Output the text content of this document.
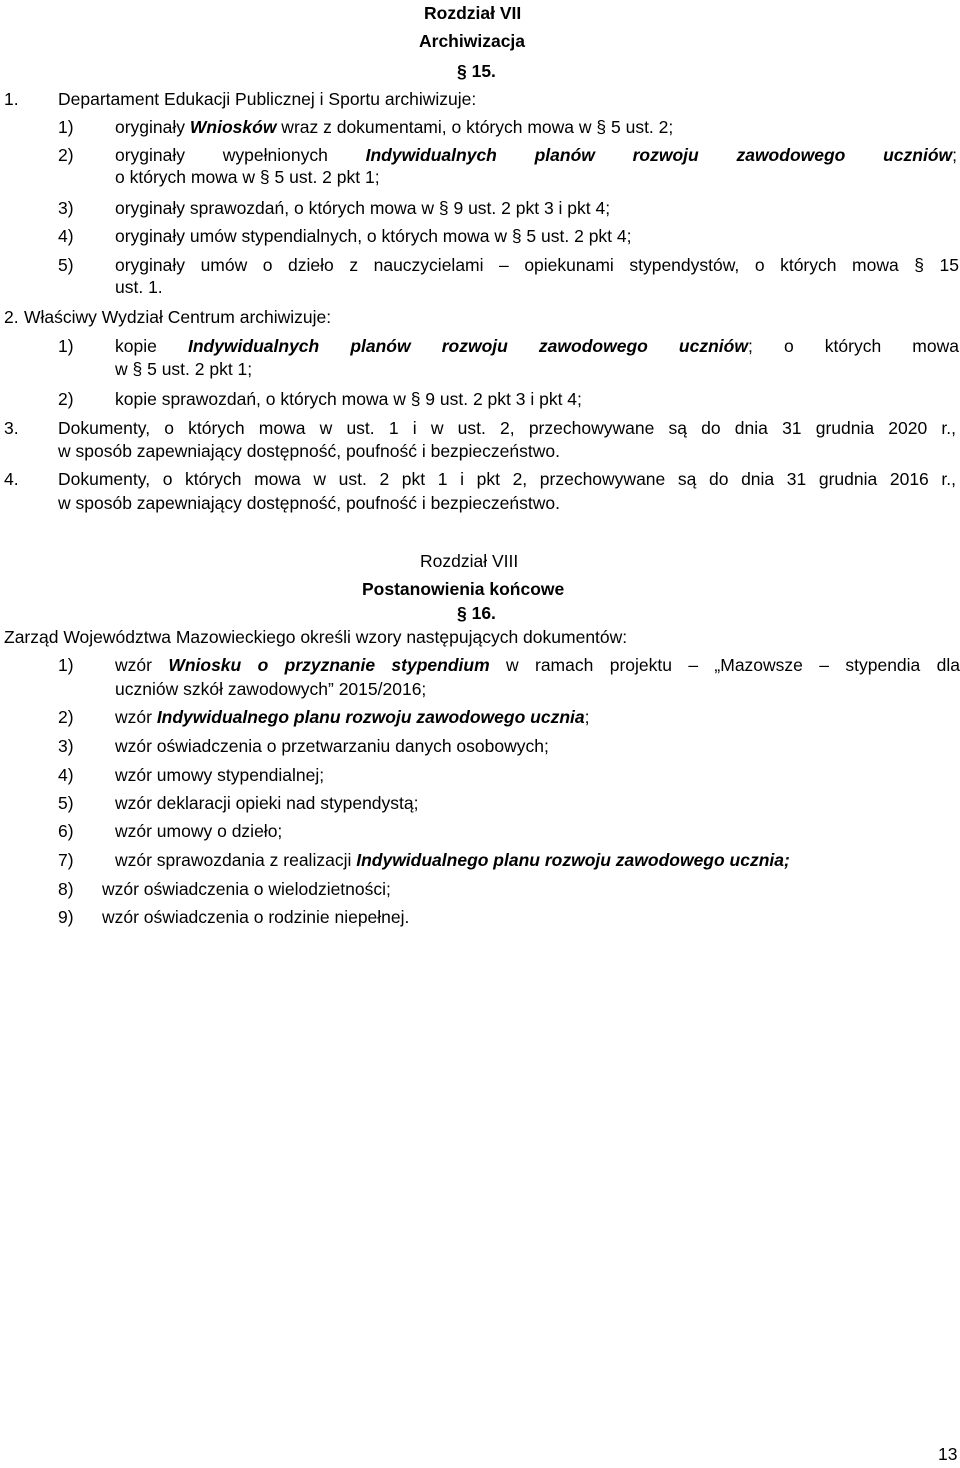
Rozdział VII
Archiwizacja
§ 15.
1. Departament Edukacji Publicznej i Sportu archiwizuje:
1) oryginały Wniosków wraz z dokumentami, o których mowa w § 5 ust. 2;
2) oryginały wypełnionych Indywidualnych planów rozwoju zawodowego uczniów;
o których mowa w § 5 ust. 2 pkt 1;
3) oryginały sprawozdań, o których mowa w § 9 ust. 2 pkt 3 i pkt 4;
4) oryginały umów stypendialnych, o których mowa w § 5 ust. 2 pkt 4;
5) oryginały umów o dzieło z nauczycielami – opiekunami stypendystów, o których mowa § 15
ust. 1.
2. Właściwy Wydział Centrum archiwizuje:
1) kopie Indywidualnych planów rozwoju zawodowego uczniów; o których mowa
w § 5 ust. 2 pkt 1;
2) kopie sprawozdań, o których mowa w § 9 ust. 2 pkt 3 i pkt 4;
3. Dokumenty, o których mowa w ust. 1 i w ust. 2, przechowywane są do dnia 31 grudnia 2020 r.,
w sposób zapewniający dostępność, poufność i bezpieczeństwo.
4. Dokumenty, o których mowa w ust. 2 pkt 1 i pkt 2, przechowywane są do dnia 31 grudnia 2016 r.,
w sposób zapewniający dostępność, poufność i bezpieczeństwo.
Rozdział VIII
Postanowienia końcowe
§ 16.
Zarząd Województwa Mazowieckiego określi wzory następujących dokumentów:
1) wzór Wniosku o przyznanie stypendium w ramach projektu – „Mazowsze – stypendia dla
uczniów szkół zawodowych” 2015/2016;
2) wzór Indywidualnego planu rozwoju zawodowego ucznia;
3) wzór oświadczenia o przetwarzaniu danych osobowych;
4) wzór umowy stypendialnej;
5) wzór deklaracji opieki nad stypendystą;
6) wzór umowy o dzieło;
7) wzór sprawozdania z realizacji Indywidualnego planu rozwoju zawodowego ucznia;
8) wzór oświadczenia o wielodzietności;
9) wzór oświadczenia o rodzinie niepełnej.
13
